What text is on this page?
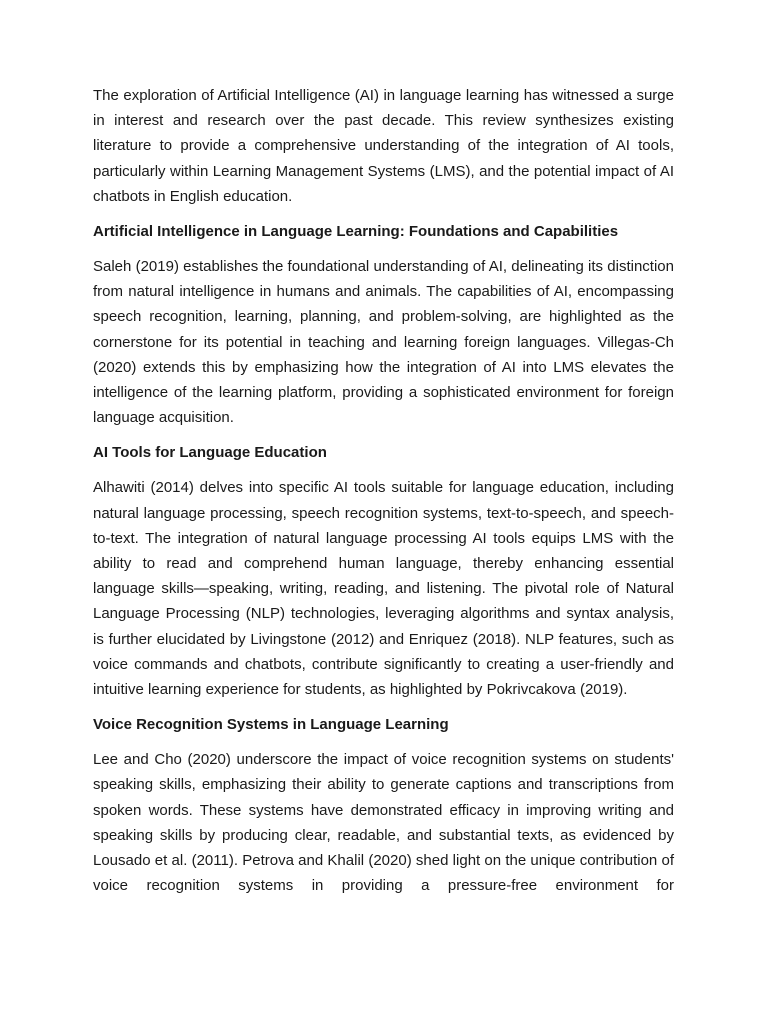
The exploration of Artificial Intelligence (AI) in language learning has witnessed a surge in interest and research over the past decade. This review synthesizes existing literature to provide a comprehensive understanding of the integration of AI tools, particularly within Learning Management Systems (LMS), and the potential impact of AI chatbots in English education.

Artificial Intelligence in Language Learning: Foundations and Capabilities

Saleh (2019) establishes the foundational understanding of AI, delineating its distinction from natural intelligence in humans and animals. The capabilities of AI, encompassing speech recognition, learning, planning, and problem-solving, are highlighted as the cornerstone for its potential in teaching and learning foreign languages. Villegas-Ch (2020) extends this by emphasizing how the integration of AI into LMS elevates the intelligence of the learning platform, providing a sophisticated environment for foreign language acquisition.

AI Tools for Language Education

Alhawiti (2014) delves into specific AI tools suitable for language education, including natural language processing, speech recognition systems, text-to-speech, and speech-to-text. The integration of natural language processing AI tools equips LMS with the ability to read and comprehend human language, thereby enhancing essential language skills—speaking, writing, reading, and listening. The pivotal role of Natural Language Processing (NLP) technologies, leveraging algorithms and syntax analysis, is further elucidated by Livingstone (2012) and Enriquez (2018). NLP features, such as voice commands and chatbots, contribute significantly to creating a user-friendly and intuitive learning experience for students, as highlighted by Pokrivcakova (2019).

Voice Recognition Systems in Language Learning

Lee and Cho (2020) underscore the impact of voice recognition systems on students' speaking skills, emphasizing their ability to generate captions and transcriptions from spoken words. These systems have demonstrated efficacy in improving writing and speaking skills by producing clear, readable, and substantial texts, as evidenced by Lousado et al. (2011). Petrova and Khalil (2020) shed light on the unique contribution of voice recognition systems in providing a pressure-free environment for
